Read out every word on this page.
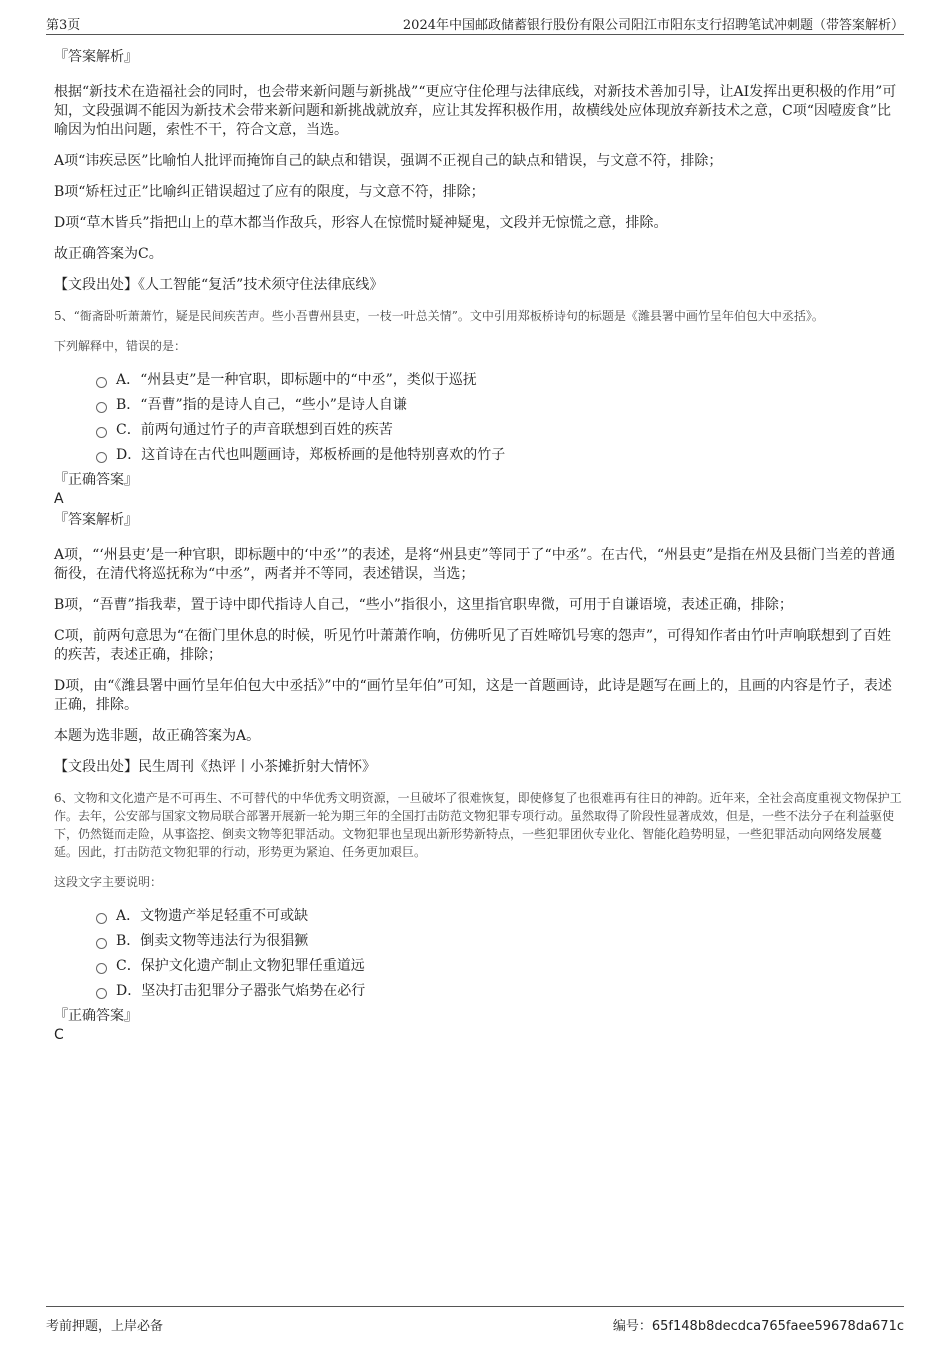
第3页	2024年中国邮政储蓄银行股份有限公司阳江市阳东支行招聘笔试冲刺题（带答案解析）

『答案解析』

根据“新技术在造福社会的同时，也会带来新问题与新挑战”“更应守住伦理与法律底线，对新技术善加引导，让AI发挥出更积极的作用”可知，文段强调不能因为新技术会带来新问题和新挑战就放弃，应让其发挥积极作用，故横线处应体现放弃新技术之意，C项“因噎废食”比喻因为怕出问题，索性不干，符合文意，当选。

A项“讳疾忌医”比喻怕人批评而掩饰自己的缺点和错误，强调不正视自己的缺点和错误，与文意不符，排除；

B项“矫枉过正”比喻纠正错误超过了应有的限度，与文意不符，排除；

D项“草木皆兵”指把山上的草木都当作敌兵，形容人在惊慌时疑神疑鬼，文段并无惊慌之意，排除。

故正确答案为C。

【文段出处】《人工智能“复活”技术须守住法律底线》

5、“衙斋卧听萧萧竹，疑是民间疾苦声。些小吾曹州县吏，一枝一叶总关情”。文中引用郑板桥诗句的标题是《潍县署中画竹呈年伯包大中丞括》。

下列解释中，错误的是：

A．“州县吏”是一种官职，即标题中的“中丞”，类似于巡抚
B．“吾曹”指的是诗人自己，“些小”是诗人自谦
C．前两句通过竹子的声音联想到百姓的疾苦
D．这首诗在古代也叫题画诗，郑板桥画的是他特别喜欢的竹子

『正确答案』

A

『答案解析』

A项，“‘州县吏’是一种官职，即标题中的‘中丞’”的表述，是将“州县吏”等同于了“中丞”。在古代，“州县吏”是指在州及县衙门当差的普通衙役，在清代将巡抚称为“中丞”，两者并不等同，表述错误，当选；

B项，“吾曹”指我辈，置于诗中即代指诗人自己，“些小”指很小，这里指官职卑微，可用于自谦语境，表述正确，排除；

C项，前两句意思为“在衙门里休息的时候，听见竹叶萧萧作响，仿佛听见了百姓啼饥号寒的怨声”，可得知作者由竹叶声响联想到了百姓的疾苦，表述正确，排除；

D项，由“《潍县署中画竹呈年伯包大中丞括》”中的“画竹呈年伯”可知，这是一首题画诗，此诗是题写在画上的，且画的内容是竹子，表述正确，排除。

本题为选非题，故正确答案为A。

【文段出处】民生周刊《热评丨小茶摊折射大情怀》

6、文物和文化遗产是不可再生、不可替代的中华优秀文明资源，一旦破坏了很难恢复，即使修复了也很难再有往日的神韵。近年来，全社会高度重视文物保护工作。去年，公安部与国家文物局联合部署开展新一轮为期三年的全国打击防范文物犯罪专项行动。虽然取得了阶段性显著成效，但是，一些不法分子在利益驱使下，仍然铤而走险，从事盗挖、倒卖文物等犯罪活动。文物犯罪也呈现出新形势新特点，一些犯罪团伙专业化、智能化趋势明显，一些犯罪活动向网络发展蔓延。因此，打击防范文物犯罪的行动，形势更为紧迫、任务更加艰巨。

这段文字主要说明：

A．文物遗产举足轻重不可或缺
B．倒卖文物等违法行为很猖獗
C．保护文化遗产制止文物犯罪任重道远
D．坚决打击犯罪分子嚣张气焰势在必行

『正确答案』

C

考前押题，上岸必备	编号：65f148b8decdca765faee59678da671c
